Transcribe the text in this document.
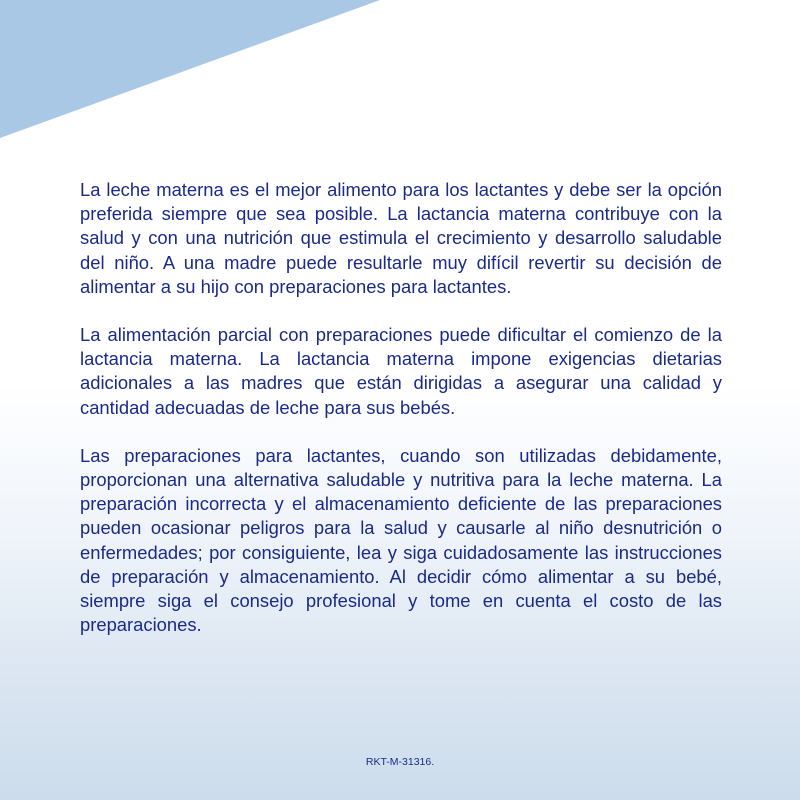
La leche materna es el mejor alimento para los lactantes y debe ser la opción preferida siempre que sea posible. La lactancia materna contribuye con la salud y con una nutrición que estimula el crecimiento y desarrollo saludable del niño. A una madre puede resultarle muy difícil revertir su decisión de alimentar a su hijo con preparaciones para lactantes.

La alimentación parcial con preparaciones puede dificultar el comienzo de la lactancia materna. La lactancia materna impone exigencias dietarias adicionales a las madres que están dirigidas a asegurar una calidad y cantidad adecuadas de leche para sus bebés.

Las preparaciones para lactantes, cuando son utilizadas debidamente, proporcionan una alternativa saludable y nutritiva para la leche materna. La preparación incorrecta y el almacenamiento deficiente de las preparaciones pueden ocasionar peligros para la salud y causarle al niño desnutrición o enfermedades; por consiguiente, lea y siga cuidadosamente las instrucciones de preparación y almacenamiento. Al decidir cómo alimentar a su bebé, siempre siga el consejo profesional y tome en cuenta el costo de las preparaciones.

RKT-M-31316.
